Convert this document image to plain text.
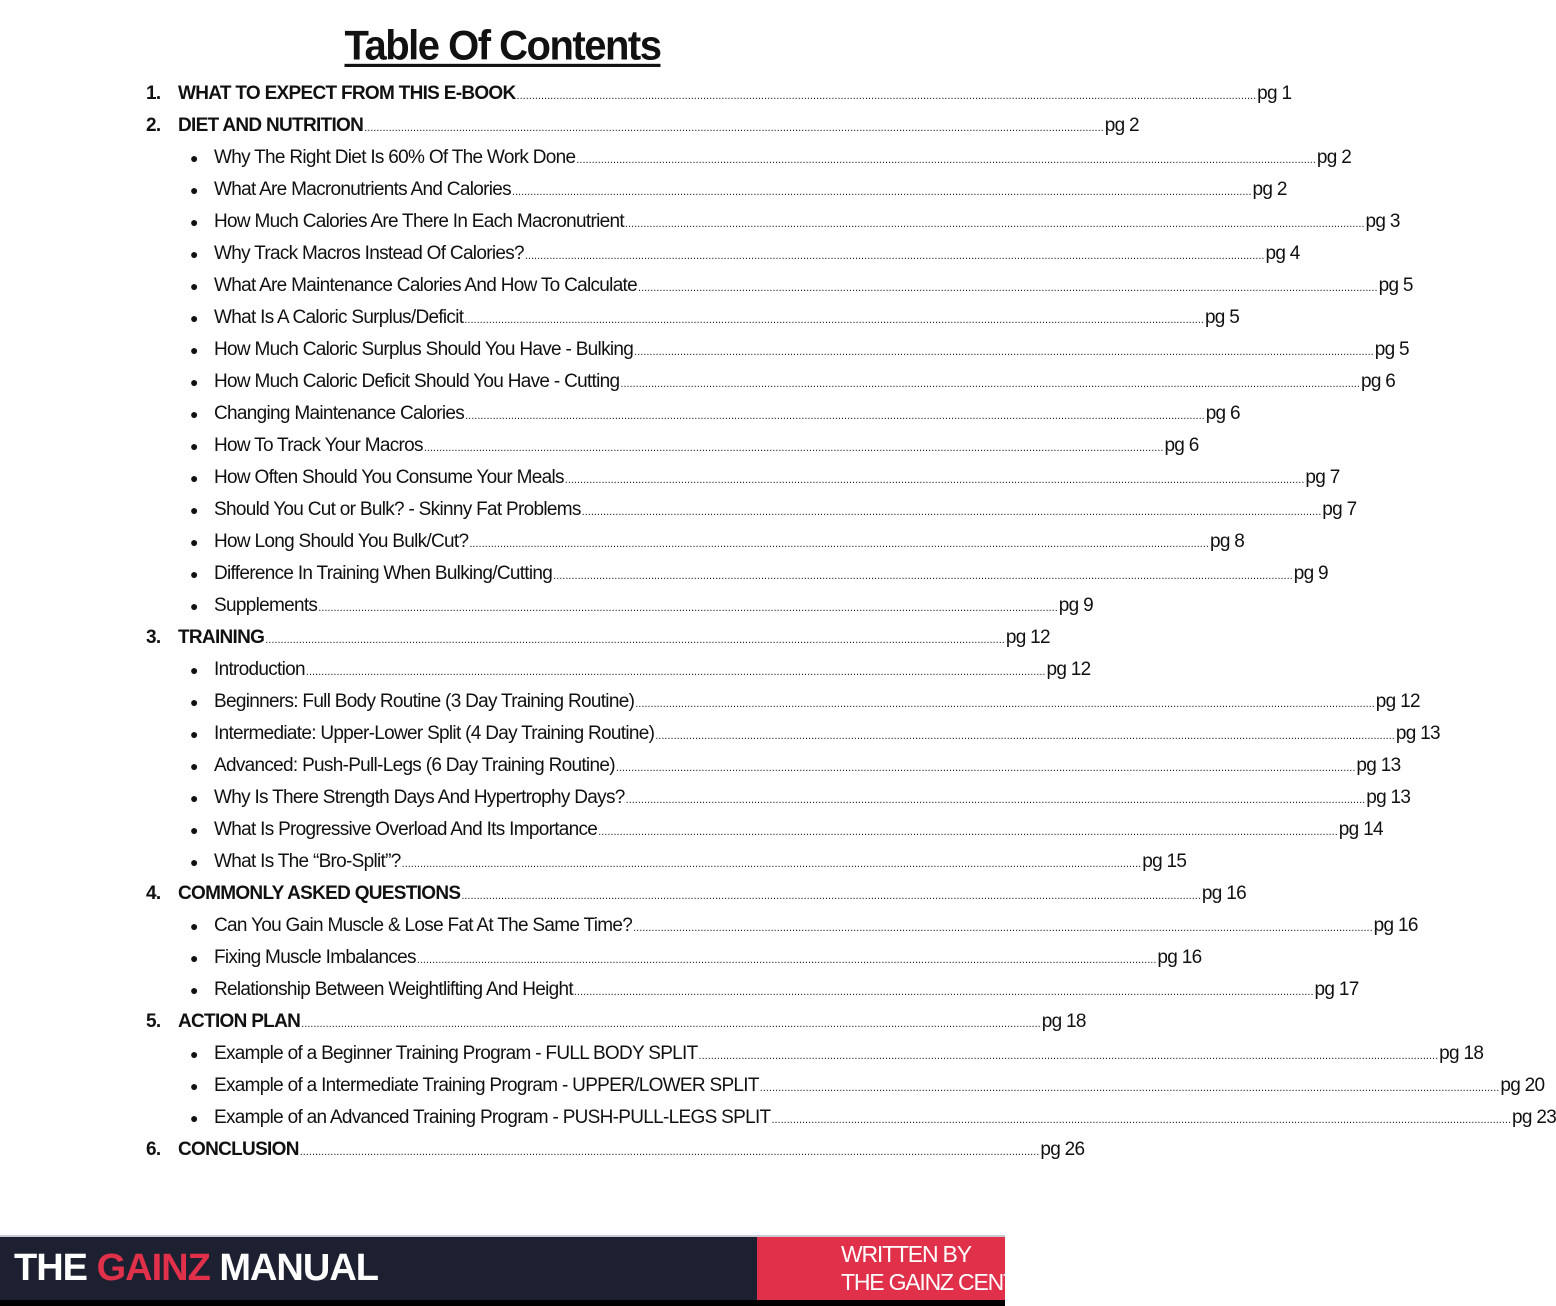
Table Of Contents
1. WHAT TO EXPECT FROM THIS E-BOOK .....	pg 1
2. DIET AND NUTRITION .....	pg 2
● Why The Right Diet Is 60% Of The Work Done .....	pg 2
● What Are Macronutrients And Calories .....	pg 2
● How Much Calories Are There In Each Macronutrient .....	pg 3
● Why Track Macros Instead Of Calories? .....	pg 4
● What Are Maintenance Calories And How To Calculate .....	pg 5
● What Is A Caloric Surplus/Deficit .....	pg 5
● How Much Caloric Surplus Should You Have - Bulking .....	pg 5
● How Much Caloric Deficit Should You Have - Cutting .....	pg 6
● Changing Maintenance Calories .....	pg 6
● How To Track Your Macros .....	pg 6
● How Often Should You Consume Your Meals .....	pg 7
● Should You Cut or Bulk? - Skinny Fat Problems .....	pg 7
● How Long Should You Bulk/Cut? .....	pg 8
● Difference In Training When Bulking/Cutting .....	pg 9
● Supplements .....	pg 9
3. TRAINING .....	pg 12
● Introduction .....	pg 12
● Beginners: Full Body Routine (3 Day Training Routine) .....	pg 12
● Intermediate: Upper-Lower Split (4 Day Training Routine) .....	pg 13
● Advanced: Push-Pull-Legs (6 Day Training Routine) .....	pg 13
● Why Is There Strength Days And Hypertrophy Days? .....	pg 13
● What Is Progressive Overload And Its Importance .....	pg 14
● What Is The “Bro-Split”? .....	pg 15
4. COMMONLY ASKED QUESTIONS .....	pg 16
● Can You Gain Muscle & Lose Fat At The Same Time? .....	pg 16
● Fixing Muscle Imbalances .....	pg 16
● Relationship Between Weightlifting And Height .....	pg 17
5. ACTION PLAN .....	pg 18
● Example of a Beginner Training Program - FULL BODY SPLIT .....	pg 18
● Example of a Intermediate Training Program - UPPER/LOWER SPLIT .....	pg 20
● Example of an Advanced Training Program - PUSH-PULL-LEGS SPLIT .....	pg 23
6. CONCLUSION .....	pg 26
THE GAINZ MANUAL	WRITTEN BY
THE GAINZ CENTER
